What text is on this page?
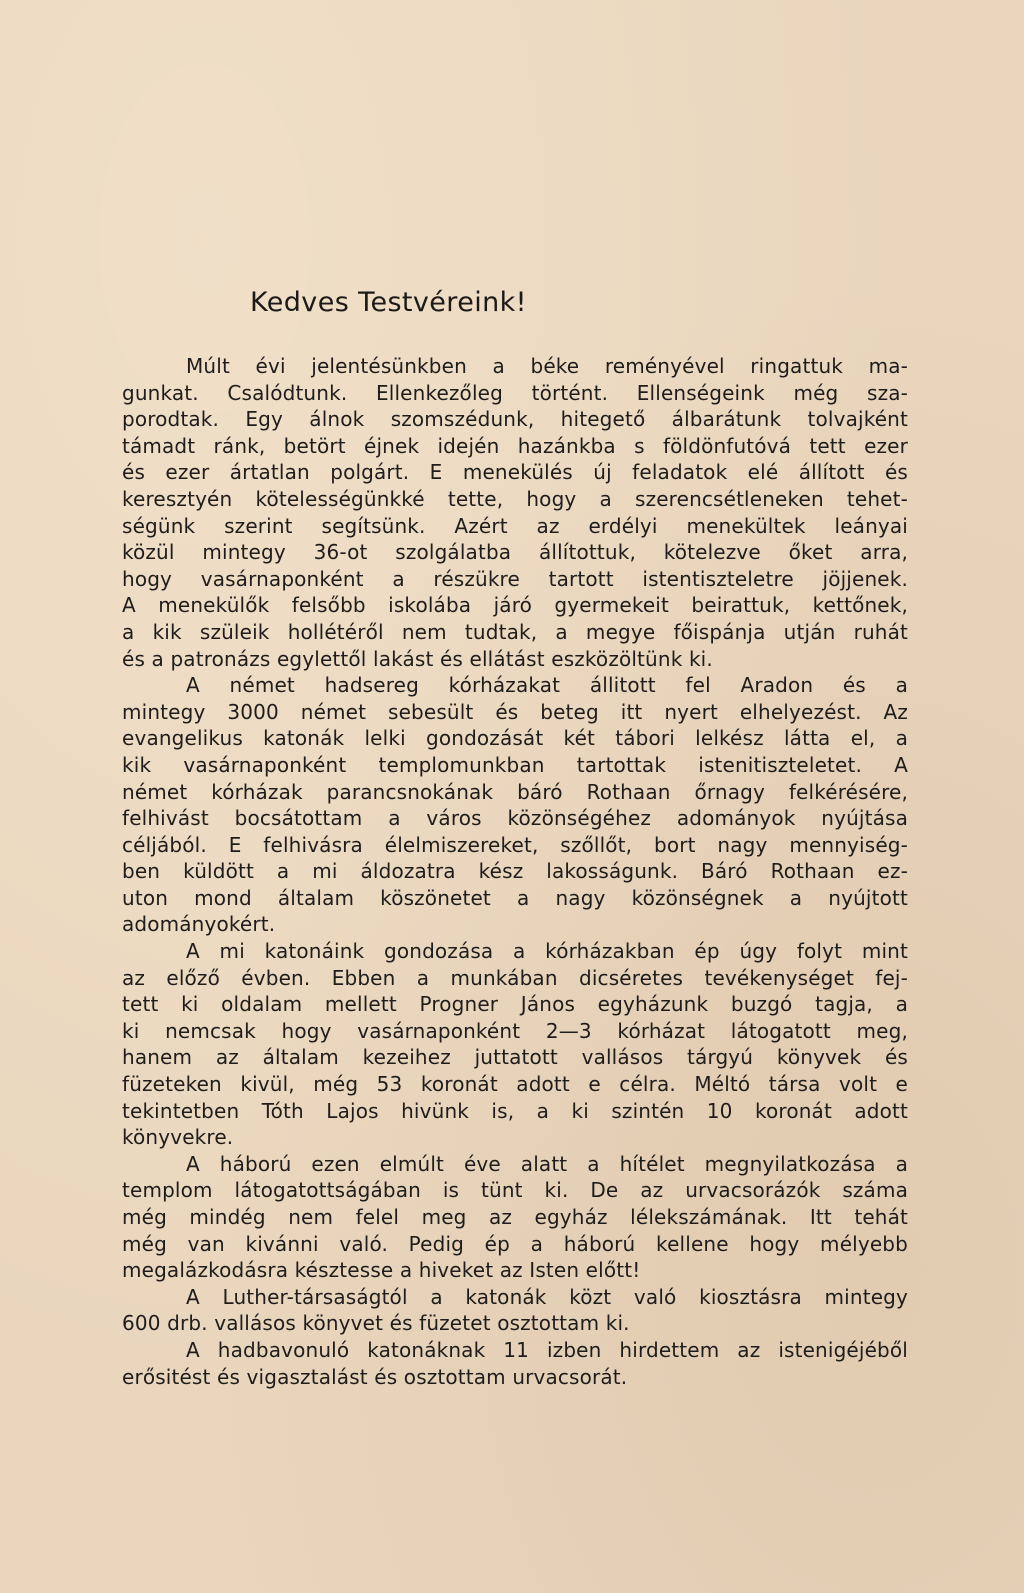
Kedves Testvéreink!
Múlt évi jelentésünkben a béke reményével ringattuk ma-
gunkat. Csalódtunk. Ellenkezőleg történt. Ellenségeink még sza-
porodtak. Egy álnok szomszédunk, hitegető álbarátunk tolvajként
támadt ránk, betört éjnek idején hazánkba s földönfutóvá tett ezer
és ezer ártatlan polgárt. E menekülés új feladatok elé állított és
keresztyén kötelességünkké tette, hogy a szerencsétleneken tehet-
ségünk szerint segítsünk. Azért az erdélyi menekültek leányai
közül mintegy 36-ot szolgálatba állítottuk, kötelezve őket arra,
hogy vasárnaponként a részükre tartott istentiszteletre jöjjenek.
A menekülők felsőbb iskolába járó gyermekeit beirattuk, kettőnek,
a kik szüleik hollétéről nem tudtak, a megye főispánja utján ruhát
és a patronázs egylettől lakást és ellátást eszközöltünk ki.
A német hadsereg kórházakat állitott fel Aradon és a
mintegy 3000 német sebesült és beteg itt nyert elhelyezést. Az
evangelikus katonák lelki gondozását két tábori lelkész látta el, a
kik vasárnaponként templomunkban tartottak istenitiszteletet. A
német kórházak parancsnokának báró Rothaan őrnagy felkérésére,
felhivást bocsátottam a város közönségéhez adományok nyújtása
céljából. E felhivásra élelmiszereket, szőllőt, bort nagy mennyiség-
ben küldött a mi áldozatra kész lakosságunk. Báró Rothaan ez-
uton mond általam köszönetet a nagy közönségnek a nyújtott
adományokért.
A mi katonáink gondozása a kórházakban ép úgy folyt mint
az előző évben. Ebben a munkában dicséretes tevékenységet fej-
tett ki oldalam mellett Progner János egyházunk buzgó tagja, a
ki nemcsak hogy vasárnaponként 2—3 kórházat látogatott meg,
hanem az általam kezeihez juttatott vallásos tárgyú könyvek és
füzeteken kivül, még 53 koronát adott e célra. Méltó társa volt e
tekintetben Tóth Lajos hivünk is, a ki szintén 10 koronát adott
könyvekre.
A háború ezen elmúlt éve alatt a hítélet megnyilatkozása a
templom látogatottságában is tünt ki. De az urvacsorázók száma
még mindég nem felel meg az egyház lélekszámának. Itt tehát
még van kivánni való. Pedig ép a háború kellene hogy mélyebb
megalázkodásra késztesse a hiveket az Isten előtt!
A Luther-társaságtól a katonák közt való kiosztásra mintegy
600 drb. vallásos könyvet és füzetet osztottam ki.
A hadbavonuló katonáknak 11 izben hirdettem az istenigéjéből
erősitést és vigasztalást és osztottam urvacsorát.
